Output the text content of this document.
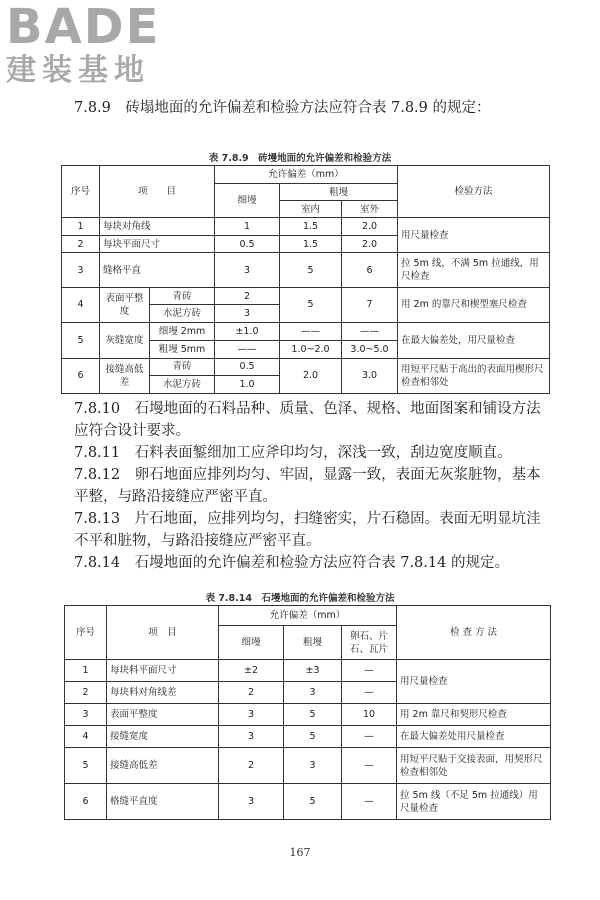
BADE
建装基地
7.8.9　砖塌地面的允许偏差和检验方法应符合表 7.8.9 的规定：
表 7.8.9　砖墁地面的允许偏差和检验方法
序号	项　　目		允许偏差（mm）			检验方法
			细墁	粗墁		
				室内	室外	
1	每块对角线		1	1.5	2.0	用尺量检查
2	每块平面尺寸		0.5	1.5	2.0	
3	缝格平直		3	5	6	拉 5m 线，不满 5m 拉通线，用尺检查
4	表面平整度	青砖	2	5	7	用 2m 的靠尺和楔型塞尺检查
		水泥方砖	3			
5	灰缝宽度	细墁 2mm	±1.0	——	——	在最大偏差处，用尺量检查
		粗墁 5mm	——	1.0~2.0	3.0~5.0	
6	接缝高低差	青砖	0.5	2.0	3.0	用短平尺贴于高出的表面用楔形尺检查相邻处
		水泥方砖	1.0			
7.8.10　石墁地面的石料品种、质量、色泽、规格、地面图案和铺设方法应符合设计要求。
7.8.11　石料表面錾细加工应斧印均匀，深浅一致，刮边宽度顺直。
7.8.12　卵石地面应排列均匀、牢固，显露一致，表面无灰浆脏物，基本平整，与路沿接缝应严密平直。
7.8.13　片石地面，应排列均匀，扫缝密实，片石稳固。表面无明显坑洼不平和脏物，与路沿接缝应严密平直。
7.8.14　石墁地面的允许偏差和检验方法应符合表 7.8.14 的规定。
表 7.8.14　石墁地面的允许偏差和检验方法
序号	项　目	允许偏差（mm）			检 查 方 法
		细墁	粗墁	卵石、片石、瓦片	
1	每块料平面尺寸	±2	±3	—	用尺量检查
2	每块料对角线差	2	3	—	
3	表面平整度	3	5	10	用 2m 靠尺和契形尺检查
4	接缝宽度	3	5	—	在最大偏差处用尺量检查
5	接缝高低差	2	3	—	用短平尺贴于交接表面，用契形尺检查相邻处
6	格缝平直度	3	5	—	拉 5m 线（不足 5m 拉通线）用尺量检查
167
